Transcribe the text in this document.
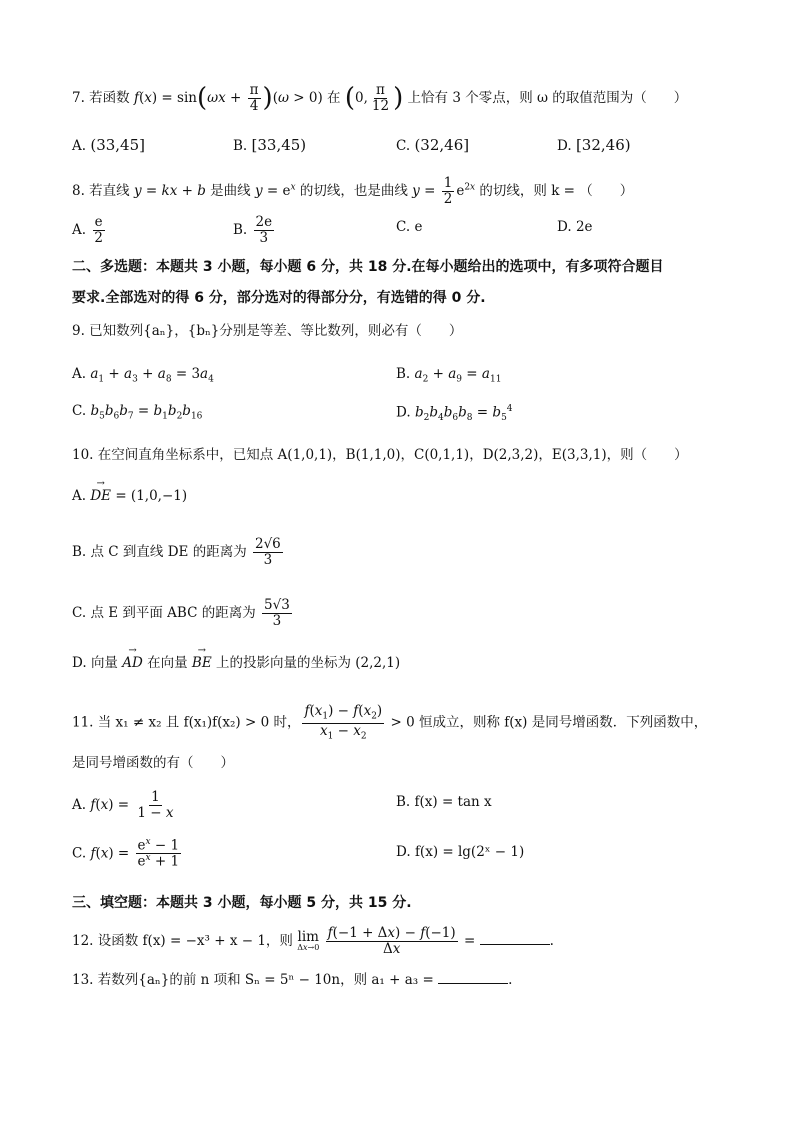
7. 若函数 $f(x) = \sin(\omega x + \frac{\pi}{4} )(\omega > 0)$ 在 (0, $\frac{\pi}{12}$ ) 上恰有 3 个零点，则 ω 的取值范围为（　　）
A. (33,45]	B. [33,45)	C. (32,46]	D. [32,46)
8. 若直线 y = kx + b 是曲线 $y = e^x$ 的切线，也是曲线 $y = \frac{1}{2} e^{2x}$ 的切线，则 k = （　　）
A. $\frac{e}{2}$	B. $\frac{2e}{3}$	C. e	D. 2e
二、多选题：本题共 3 小题，每小题 6 分，共 18 分.在每小题给出的选项中，有多项符合题目
要求.全部选对的得 6 分，部分选对的得部分分，有选错的得 0 分.
9. 已知数列{aₙ}，{bₙ}分别是等差、等比数列，则必有（　　）
A. $a_1 + a_3 + a_8 = 3a_4$	B. $a_2 + a_9 = a_{11}$
C. $b_5b_6b_7 = b_1b_2b_{16}$	D. $b_2b_4b_6b_8 = b_5^4$
10. 在空间直角坐标系中，已知点 A(1,0,1)，B(1,1,0)，C(0,1,1)，D(2,3,2)，E(3,3,1)，则（　　）
A. → DE = (1,0,−1)
B. 点 C 到直线 DE 的距离为 $\frac{2√6}{3}$
C. 点 E 到平面 ABC 的距离为 $\frac{5√3}{3}$
D. 向量 → AD 在向量 → BE 上的投影向量的坐标为 (2,2,1)
11. 当 x₁ ≠ x₂ 且 f(x₁)f(x₂) > 0 时， $\frac{f(x_1) - f(x_2)}{x_1 - x_2} > 0$ 恒成立，则称 f(x) 是同号增函数．下列函数中，
是同号增函数的有（　　）
A. $f(x) = \frac{1}{1 - x}$	B. f(x) = tan x
C. $f(x) = \frac{e^x - 1}{e^x + 1}$	D. f(x) = lg(2ˣ − 1)
三、填空题：本题共 3 小题，每小题 5 分，共 15 分.
12. 设函数 f(x) = −x³ + x − 1，则 lim
Δx→0
$\frac{f(-1 + \Delta x) - f(-1)}{\Delta x}$ =	.
13. 若数列{aₙ}的前 n 项和 Sₙ = 5ⁿ − 10n，则 a₁ + a₃ =	.
